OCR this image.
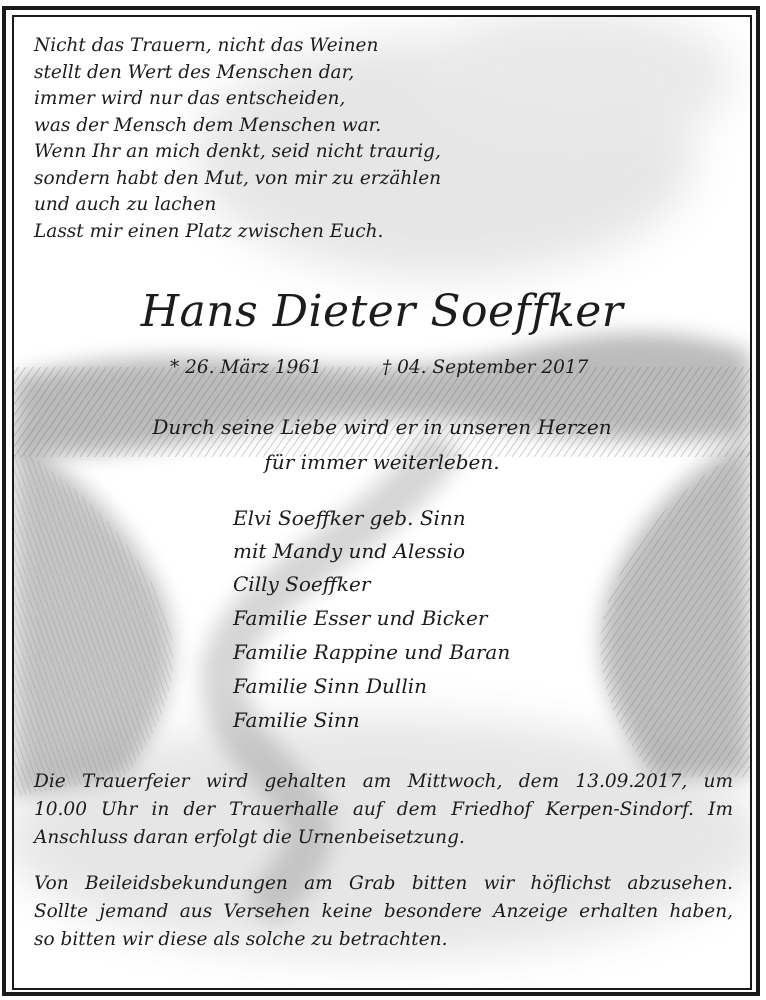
Nicht das Trauern, nicht das Weinen
stellt den Wert des Menschen dar,
immer wird nur das entscheiden,
was der Mensch dem Menschen war.
Wenn Ihr an mich denkt, seid nicht traurig,
sondern habt den Mut, von mir zu erzählen
und auch zu lachen
Lasst mir einen Platz zwischen Euch.
Hans Dieter Soeffker
* 26. März 1961	† 04. September 2017
Durch seine Liebe wird er in unseren Herzen
für immer weiterleben.
Elvi Soeffker geb. Sinn
mit Mandy und Alessio
Cilly Soeffker
Familie Esser und Bicker
Familie Rappine und Baran
Familie Sinn Dullin
Familie Sinn
Die Trauerfeier wird gehalten am Mittwoch, dem 13.09.2017, um
10.00 Uhr in der Trauerhalle auf dem Friedhof Kerpen-Sindorf. Im
Anschluss daran erfolgt die Urnenbeisetzung.
Von Beileidsbekundungen am Grab bitten wir höflichst abzusehen.
Sollte jemand aus Versehen keine besondere Anzeige erhalten haben,
so bitten wir diese als solche zu betrachten.
